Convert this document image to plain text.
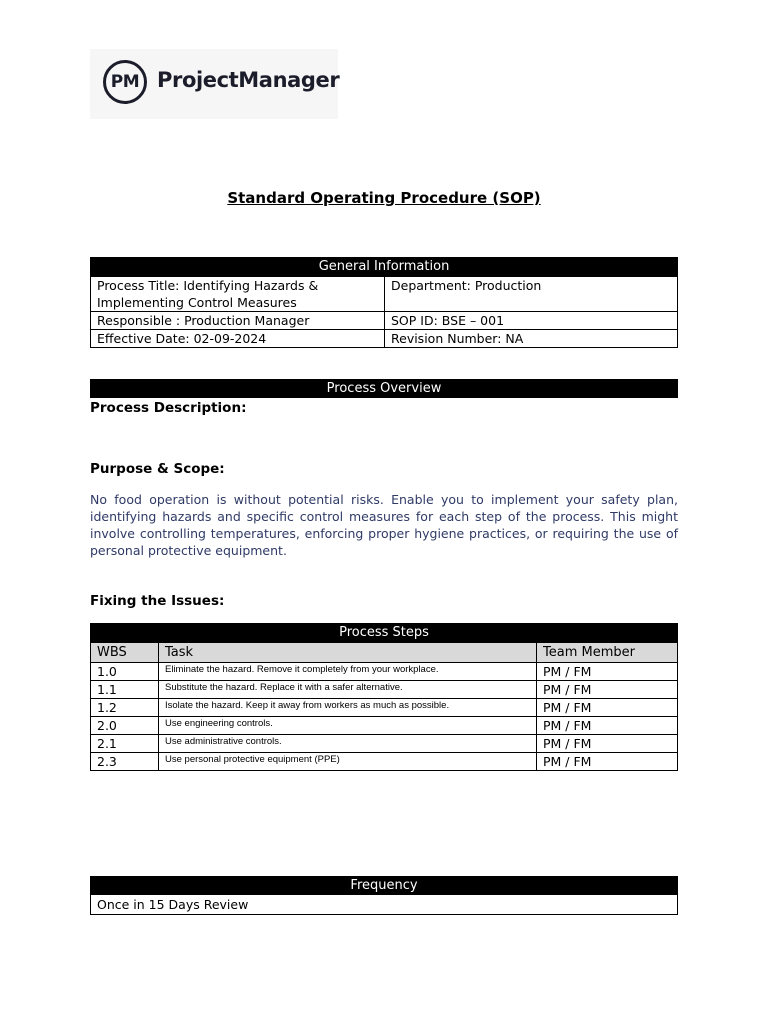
PM ProjectManager
Standard Operating Procedure (SOP)
General Information
Process Title: Identifying Hazards & Implementing Control Measures	Department: Production
Responsible : Production Manager	SOP ID: BSE – 001
Effective Date: 02-09-2024	Revision Number: NA
Process Overview
Process Description:
Purpose & Scope:
No food operation is without potential risks. Enable you to implement your safety plan, identifying hazards and specific control measures for each step of the process. This might involve controlling temperatures, enforcing proper hygiene practices, or requiring the use of personal protective equipment.
Fixing the Issues:
Process Steps
WBS	Task	Team Member
1.0	Eliminate the hazard. Remove it completely from your workplace.	PM / FM
1.1	Substitute the hazard. Replace it with a safer alternative.	PM / FM
1.2	Isolate the hazard. Keep it away from workers as much as possible.	PM / FM
2.0	Use engineering controls.	PM / FM
2.1	Use administrative controls.	PM / FM
2.3	Use personal protective equipment (PPE)	PM / FM
Frequency
Once in 15 Days Review
